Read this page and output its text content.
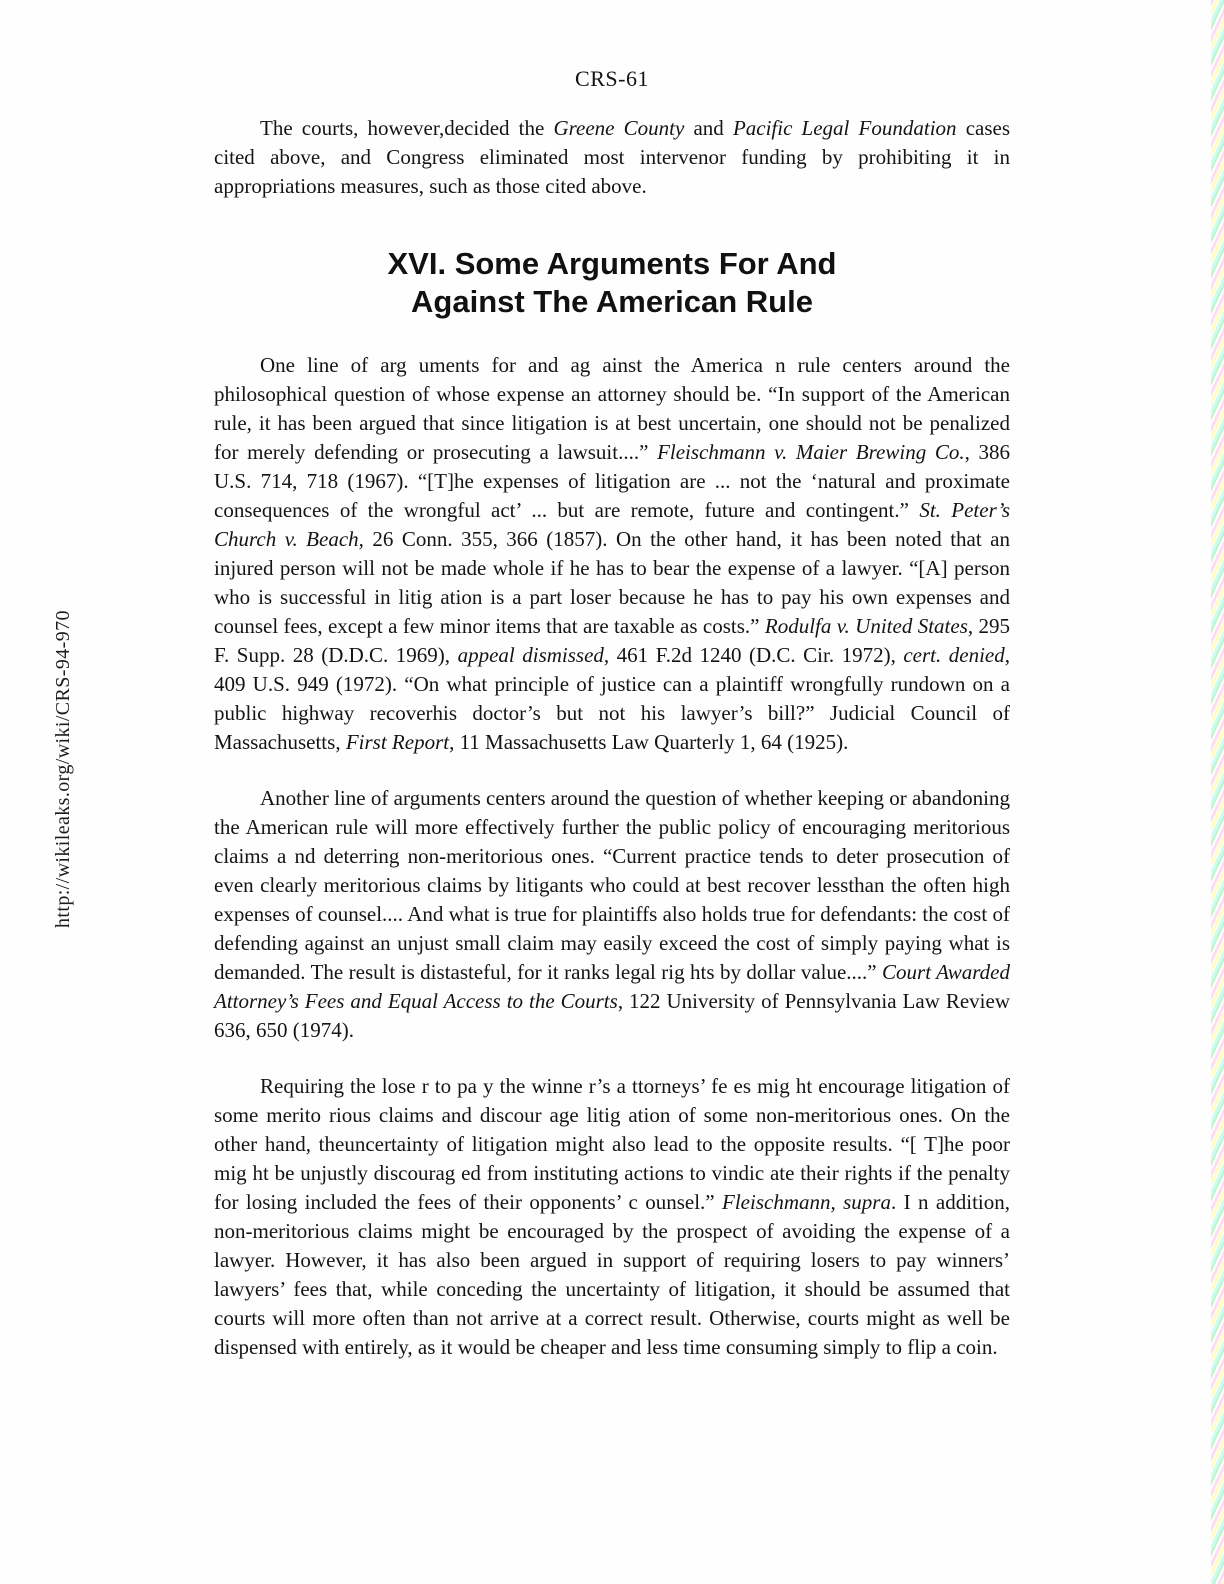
http://wikileaks.org/wiki/CRS-94-970
CRS-61

The courts, however,decided the Greene County and Pacific Legal Foundation cases cited above, and Congress eliminated most intervenor funding by prohibiting it in appropriations measures, such as those cited above.

XVI. Some Arguments For And
Against The American Rule

One line of arg uments for and ag ainst the America n rule centers around the philosophical question of whose expense an attorney should be. “In support of the American rule, it has been argued that since litigation is at best uncertain, one should not be penalized for merely defending or prosecuting a lawsuit....” Fleischmann v. Maier Brewing Co., 386 U.S. 714, 718 (1967). “[T]he expenses of litigation are ... not the ‘natural and proximate consequences of the wrongful act’ ... but are remote, future and contingent.” St. Peter’s Church v. Beach, 26 Conn. 355, 366 (1857). On the other hand, it has been noted that an injured person will not be made whole if he has to bear the expense of a lawyer. “[A] person who is successful in litig ation is a part loser because he has to pay his own expenses and counsel fees, except a few minor items that are taxable as costs.” Rodulfa v. United States, 295 F. Supp. 28 (D.D.C. 1969), appeal dismissed, 461 F.2d 1240 (D.C. Cir. 1972), cert. denied, 409 U.S. 949 (1972). “On what principle of justice can a plaintiff wrongfully rundown on a public highway recoverhis doctor’s but not his lawyer’s bill?” Judicial Council of Massachusetts, First Report, 11 Massachusetts Law Quarterly 1, 64 (1925).

Another line of arguments centers around the question of whether keeping or abandoning the American rule will more effectively further the public policy of encouraging meritorious claims a nd deterring non-meritorious ones. “Current practice tends to deter prosecution of even clearly meritorious claims by litigants who could at best recover lessthan the often high expenses of counsel.... And what is true for plaintiffs also holds true for defendants: the cost of defending against an unjust small claim may easily exceed the cost of simply paying what is demanded. The result is distasteful, for it ranks legal rig hts by dollar value....” Court Awarded Attorney’s Fees and Equal Access to the Courts, 122 University of Pennsylvania Law Review 636, 650 (1974).

Requiring the lose r to pa y the winne r’s a ttorneys’ fe es mig ht encourage litigation of some merito rious claims and discour age litig ation of some non-meritorious ones. On the other hand, theuncertainty of litigation might also lead to the opposite results. “[ T]he poor mig ht be unjustly discourag ed from instituting actions to vindic ate their rights if the penalty for losing included the fees of their opponents’ c ounsel.” Fleischmann, supra. I n addition, non-meritorious claims might be encouraged by the prospect of avoiding the expense of a lawyer. However, it has also been argued in support of requiring losers to pay winners’ lawyers’ fees that, while conceding the uncertainty of litigation, it should be assumed that courts will more often than not arrive at a correct result. Otherwise, courts might as well be dispensed with entirely, as it would be cheaper and less time consuming simply to flip a coin.
